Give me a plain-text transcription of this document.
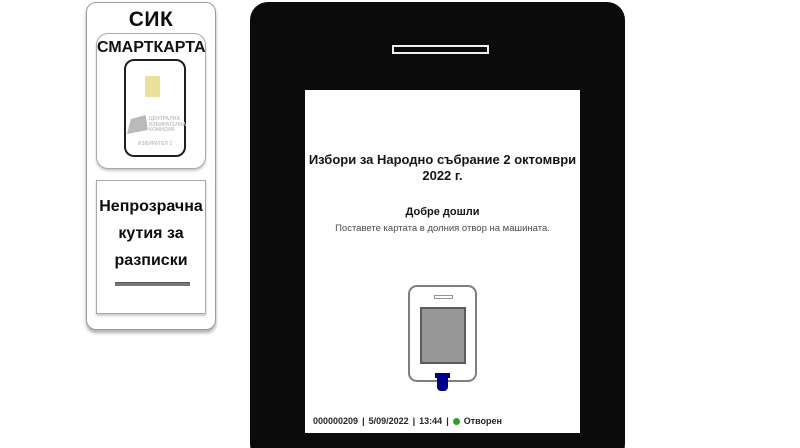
СИК
СМАРТКАРТА
ЦЕНТРАЛНА
ИЗБИРАТЕЛНА
КОМИСИЯ
ИЗБИРАТЕЛ 1
Непрозрачна
кутия за
разписки
Избори за Народно събрание 2 октомври
2022 г.
Добре дошли
Поставете картата в долния отвор на машината.
000000209 | 5/09/2022 | 13:44 | Отворен
